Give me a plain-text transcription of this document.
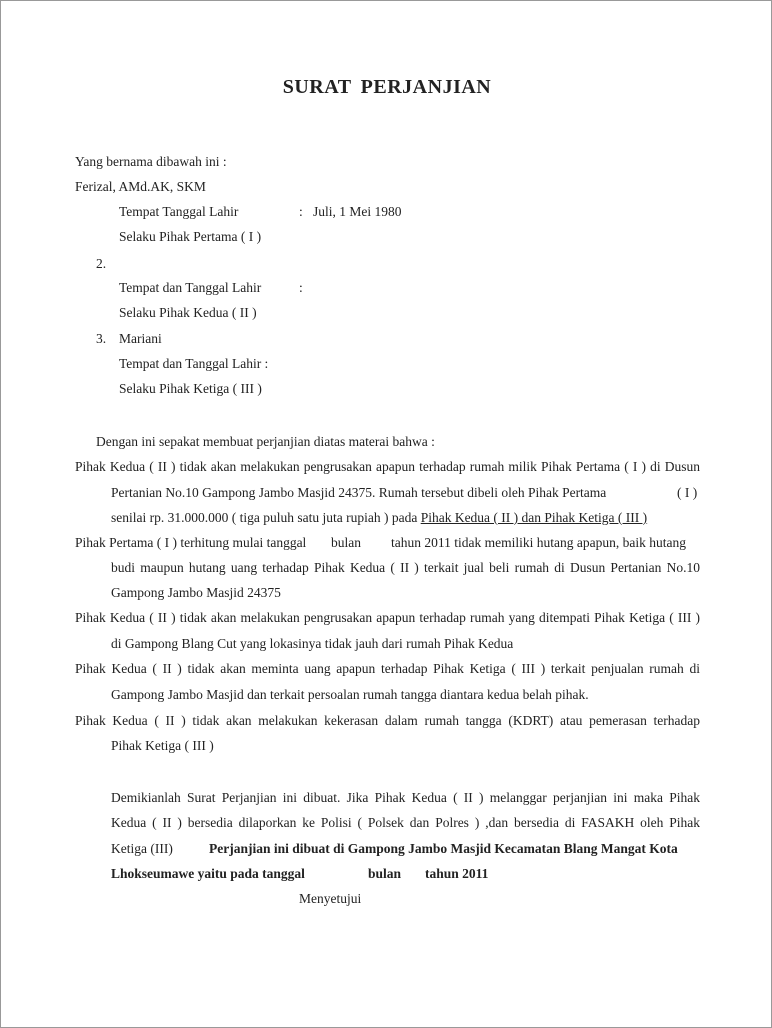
SURAT PERJANJIAN
Yang bernama dibawah ini :
Ferizal, AMd.AK, SKM
Tempat Tanggal Lahir	: Juli, 1 Mei 1980
Selaku Pihak Pertama ( I )
2.
Tempat dan Tanggal Lahir	:
Selaku Pihak Kedua ( II )
3. Mariani
Tempat dan Tanggal Lahir :
Selaku Pihak Ketiga ( III )
Dengan ini sepakat membuat perjanjian diatas materai bahwa :
Pihak Kedua ( II ) tidak akan melakukan pengrusakan apapun terhadap rumah milik Pihak Pertama ( I ) di Dusun
Pertanian No.10 Gampong Jambo Masjid 24375. Rumah tersebut dibeli oleh Pihak Pertama	( I )
senilai rp. 31.000.000 ( tiga puluh satu juta rupiah ) pada Pihak Kedua ( II ) dan Pihak Ketiga ( III )
Pihak Pertama ( I ) terhitung mulai tanggal bulan tahun 2011 tidak memiliki hutang apapun, baik hutang
budi maupun hutang uang terhadap Pihak Kedua ( II ) terkait jual beli rumah di Dusun Pertanian No.10
Gampong Jambo Masjid 24375
Pihak Kedua ( II ) tidak akan melakukan pengrusakan apapun terhadap rumah yang ditempati Pihak Ketiga ( III )
di Gampong Blang Cut yang lokasinya tidak jauh dari rumah Pihak Kedua
Pihak Kedua ( II ) tidak akan meminta uang apapun terhadap Pihak Ketiga ( III ) terkait penjualan rumah di
Gampong Jambo Masjid dan terkait persoalan rumah tangga diantara kedua belah pihak.
Pihak Kedua ( II ) tidak akan melakukan kekerasan dalam rumah tangga (KDRT) atau pemerasan terhadap
Pihak Ketiga ( III )
Demikianlah Surat Perjanjian ini dibuat. Jika Pihak Kedua ( II ) melanggar perjanjian ini maka Pihak
Kedua ( II ) bersedia dilaporkan ke Polisi ( Polsek dan Polres ) ,dan bersedia di FASAKH oleh Pihak
Ketiga (III)	Perjanjian ini dibuat di Gampong Jambo Masjid Kecamatan Blang Mangat Kota
Lhokseumawe yaitu pada tanggal	bulan tahun 2011
Menyetujui
